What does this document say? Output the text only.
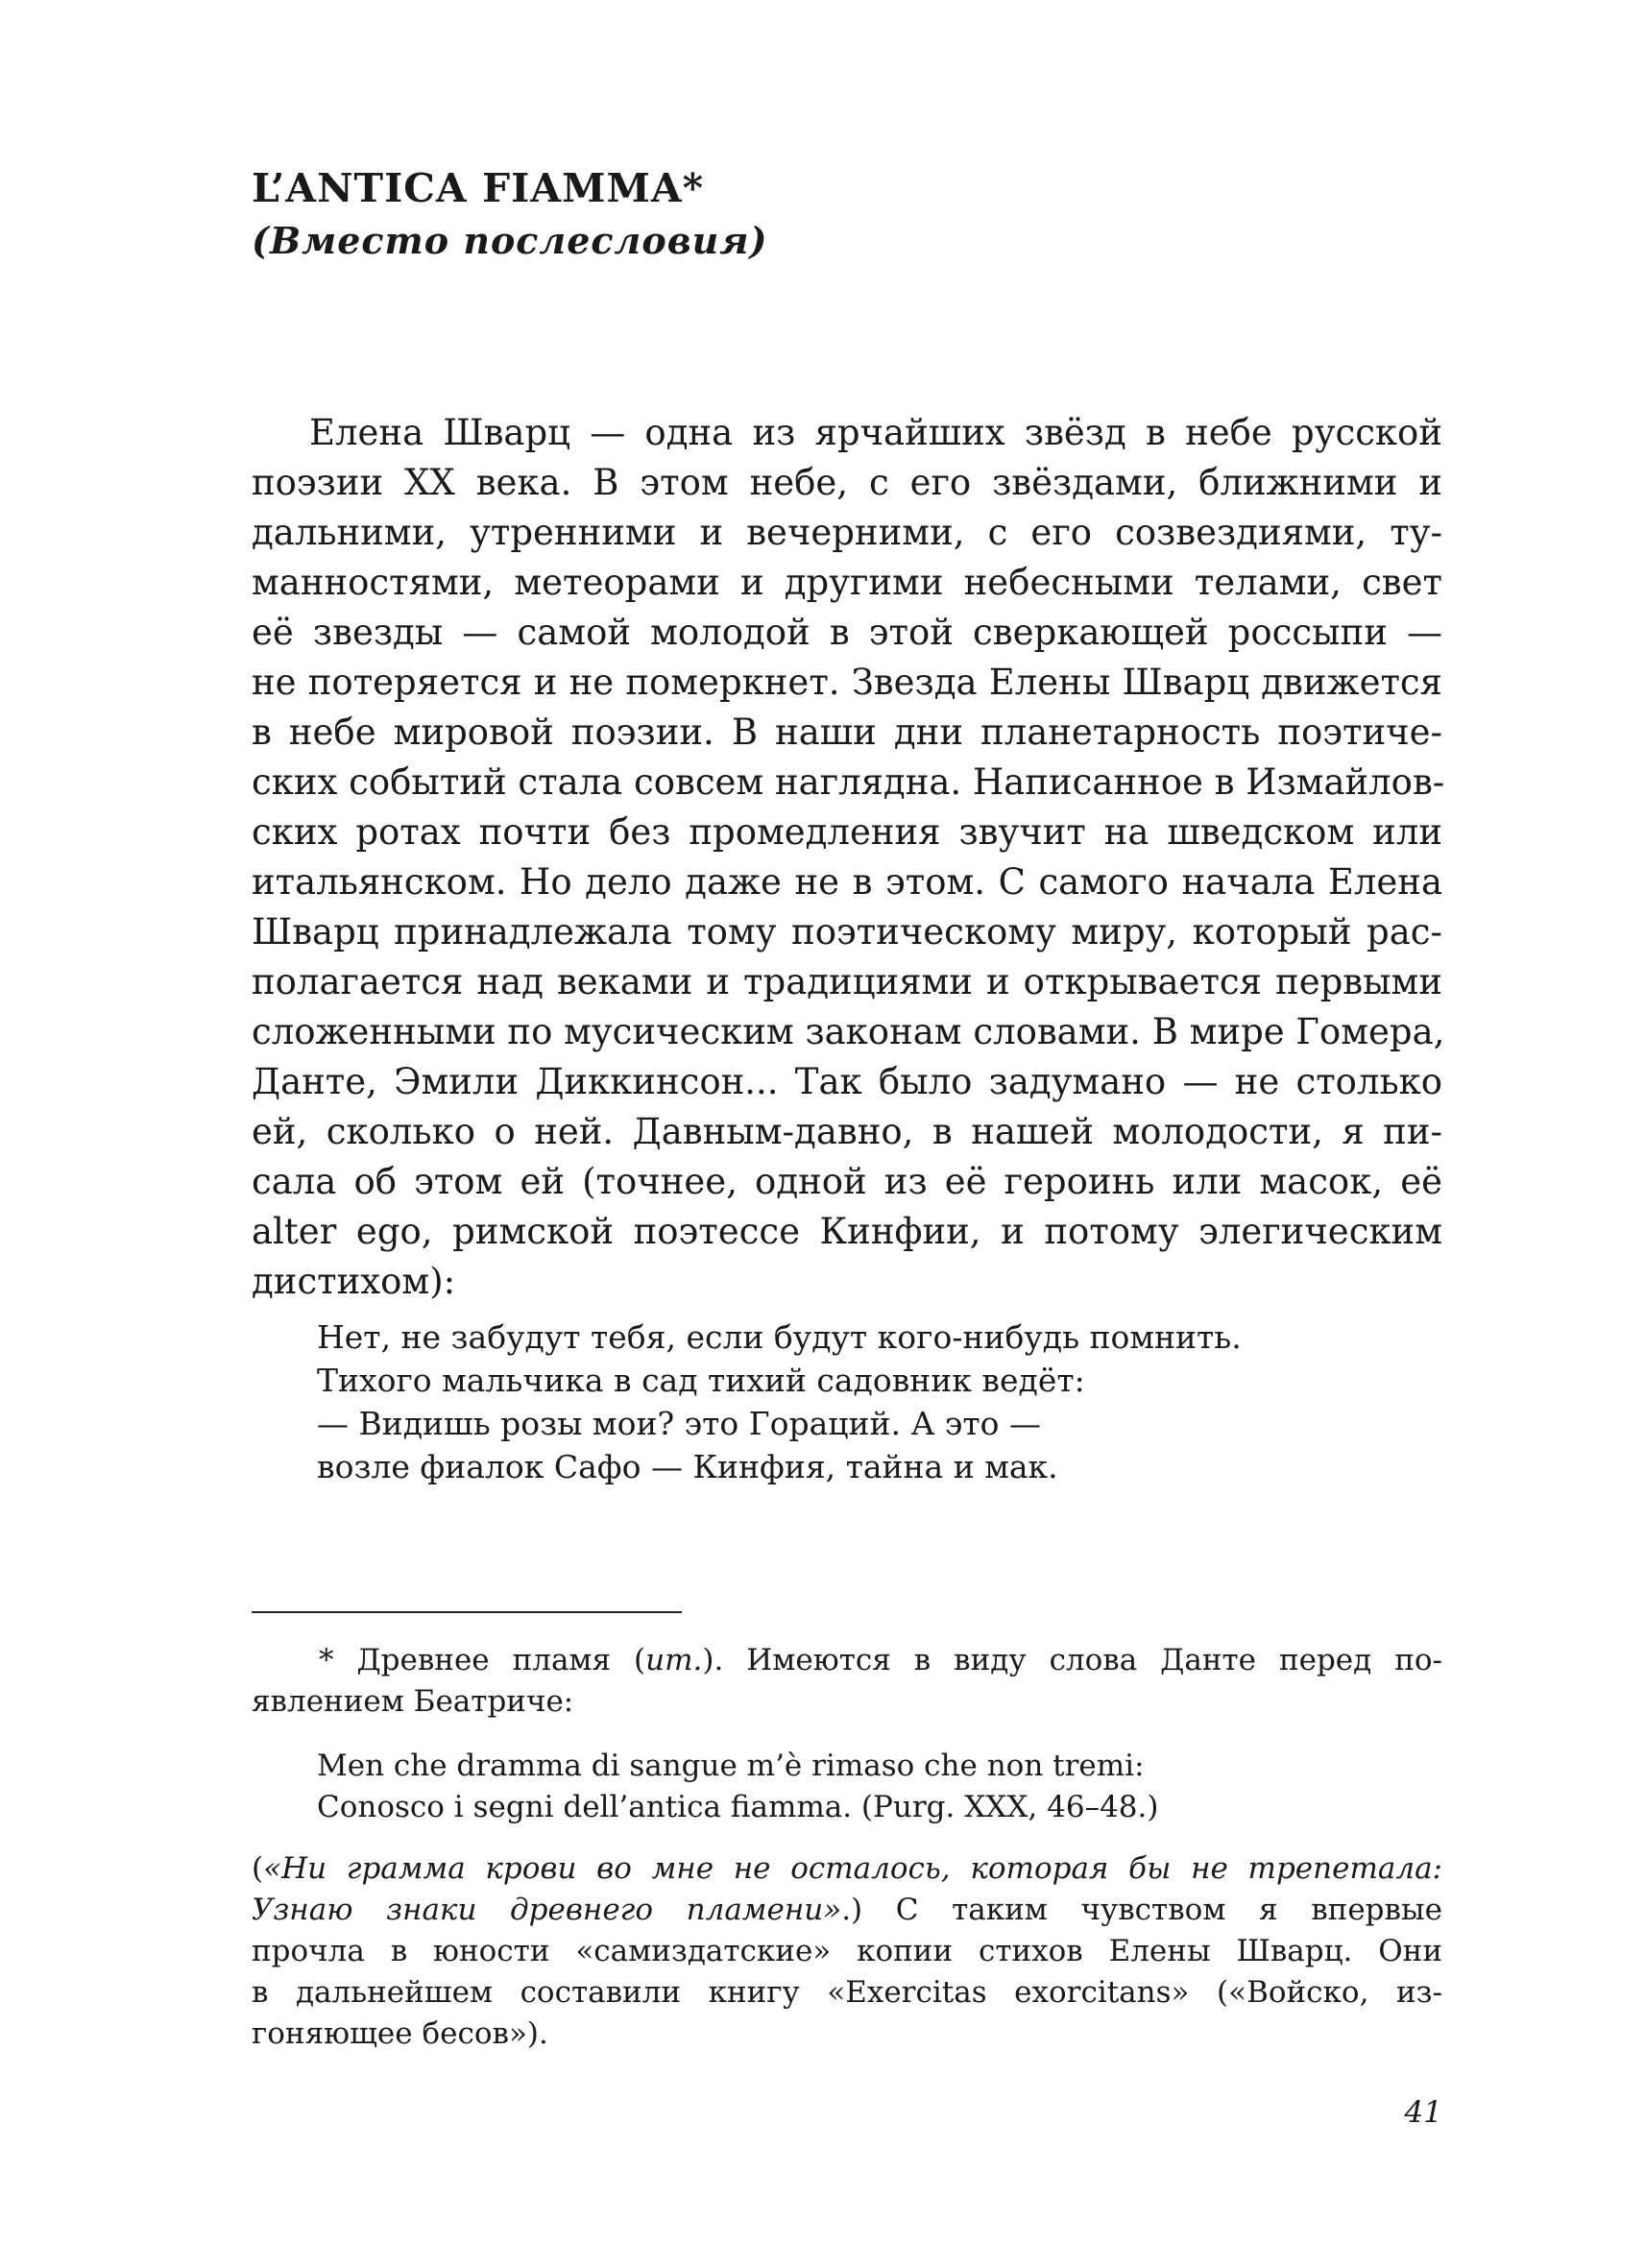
L’ANTICA FIAMMA*
(Вместо послесловия)
Елена Шварц — одна из ярчайших звёзд в небе русской
поэзии XX века. В этом небе, с его звёздами, ближними и
дальними, утренними и вечерними, с его созвездиями, ту-
манностями, метеорами и другими небесными телами, свет
её звезды — самой молодой в этой сверкающей россыпи —
не потеряется и не померкнет. Звезда Елены Шварц движется
в небе мировой поэзии. В наши дни планетарность поэтиче-
ских событий стала совсем наглядна. Написанное в Измайлов-
ских ротах почти без промедления звучит на шведском или
итальянском. Но дело даже не в этом. С самого начала Елена
Шварц принадлежала тому поэтическому миру, который рас-
полагается над веками и традициями и открывается первыми
сложенными по мусическим законам словами. В мире Гомера,
Данте, Эмили Диккинсон... Так было задумано — не столько
ей, сколько о ней. Давным-давно, в нашей молодости, я пи-
сала об этом ей (точнее, одной из её героинь или масок, её
alter ego, римской поэтессе Кинфии, и потому элегическим
дистихом):
Нет, не забудут тебя, если будут кого-нибудь помнить.
Тихого мальчика в сад тихий садовник ведёт:
— Видишь розы мои? это Гораций. А это —
возле фиалок Сафо — Кинфия, тайна и мак.
* Древнее пламя (ит.). Имеются в виду слова Данте перед по-
явлением Беатриче:
Men che dramma di sangue m’è rimaso che non tremi:
Conosco i segni dell’antica fiamma. (Purg. XXX, 46–48.)
(«Ни грамма крови во мне не осталось, которая бы не трепетала:
Узнаю знаки древнего пламени».) С таким чувством я впервые
прочла в юности «самиздатские» копии стихов Елены Шварц. Они
в дальнейшем составили книгу «Exercitas exorcitans» («Войско, из-
гоняющее бесов»).
41
